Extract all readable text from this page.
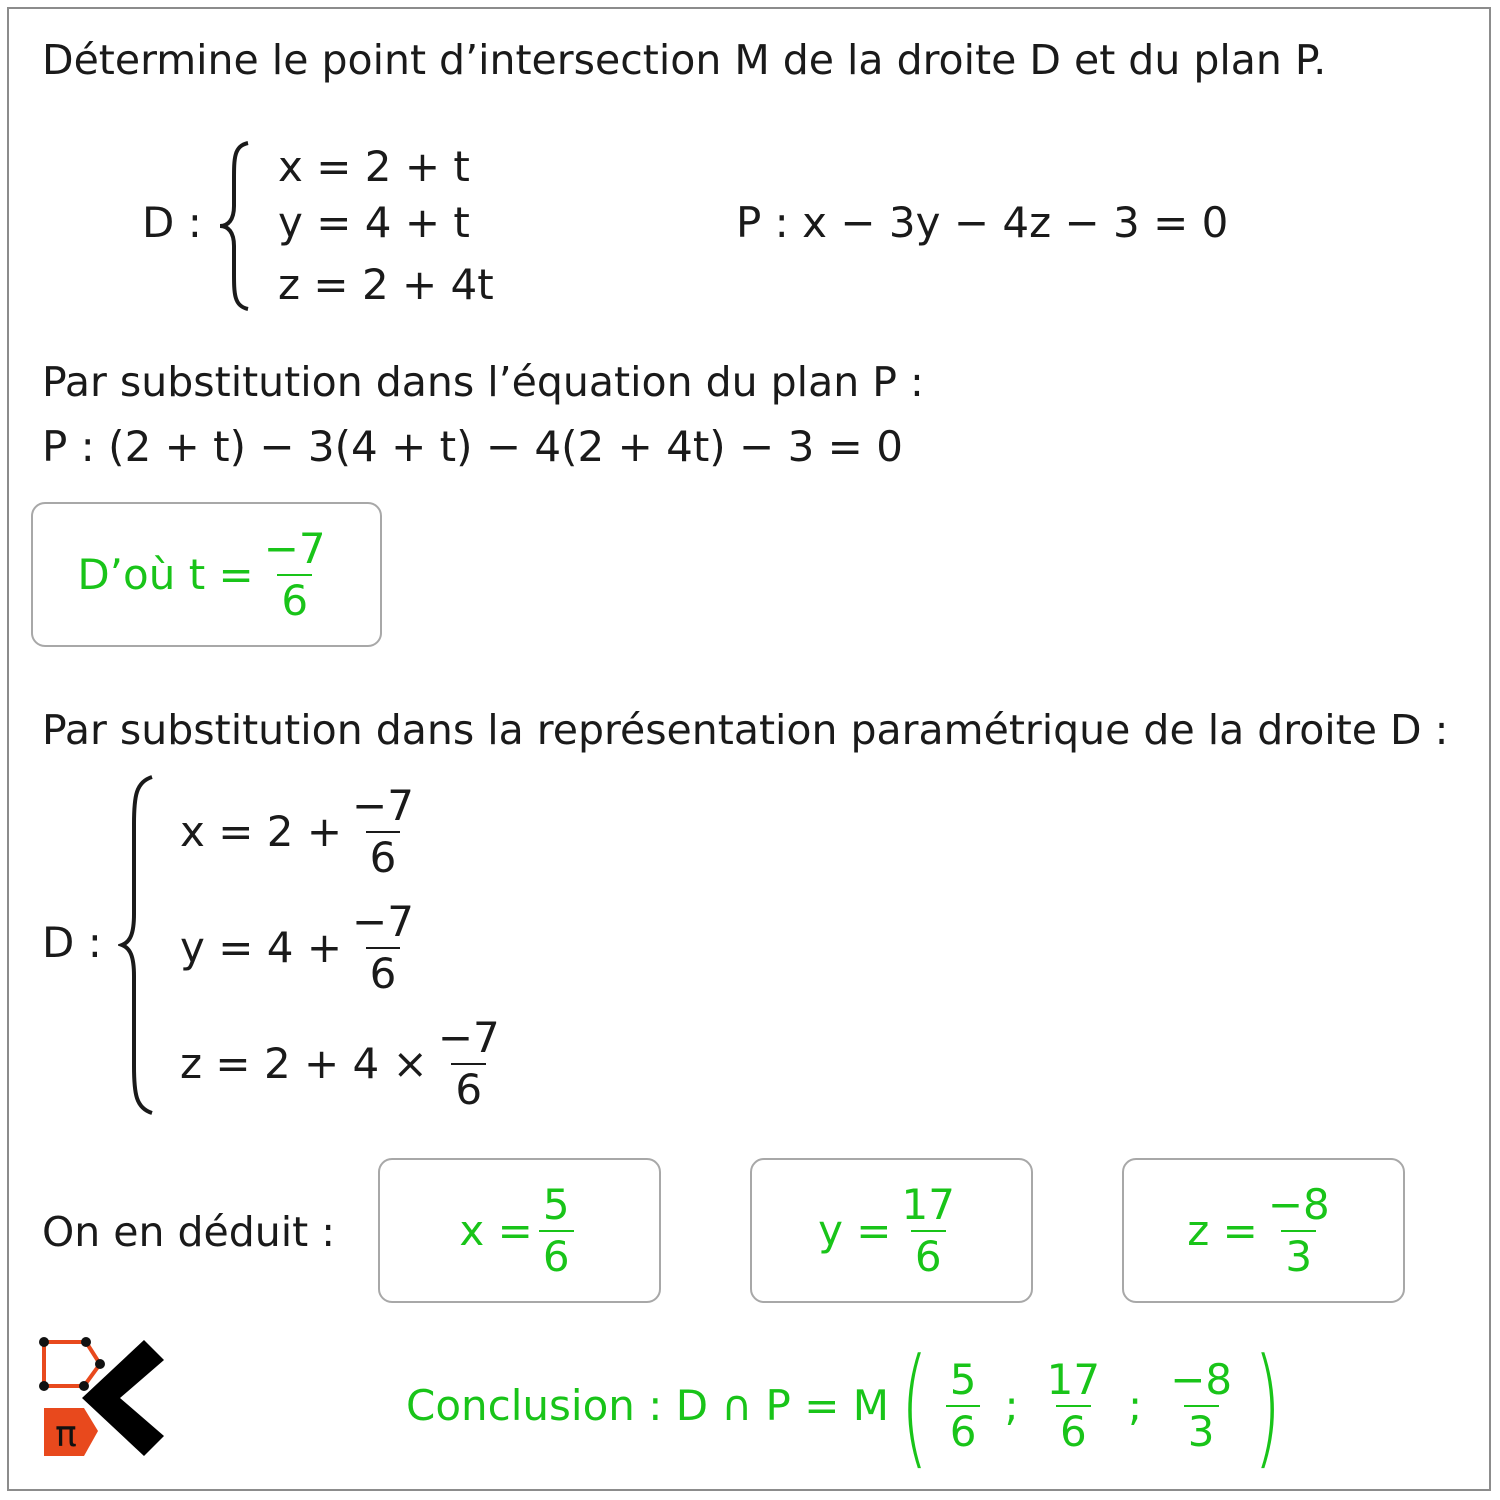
Détermine le point d’intersection M de la droite D et du plan P.
D :
x = 2 + t
y = 4 + t
z = 2 + 4t
P : x − 3y − 4z − 3 = 0
Par substitution dans l’équation du plan P :
P : (2 + t) − 3(4 + t) − 4(2 + 4t) − 3 = 0
D’où $t = \frac{-7}{6}$
Par substitution dans la représentation paramétrique de la droite D :
D :
$x = 2 + \frac{-7}{6}$
$y = 4 + \frac{-7}{6}$
$z = 2 + 4 \times \frac{-7}{6}$
On en déduit :	$x = \frac{5}{6}$	$y = \frac{17}{6}$	$z = \frac{-8}{3}$
π
Conclusion : D ∩ P = M ( $\frac{5}{6}$ ; $\frac{17}{6}$ ; $\frac{-8}{3}$ )
